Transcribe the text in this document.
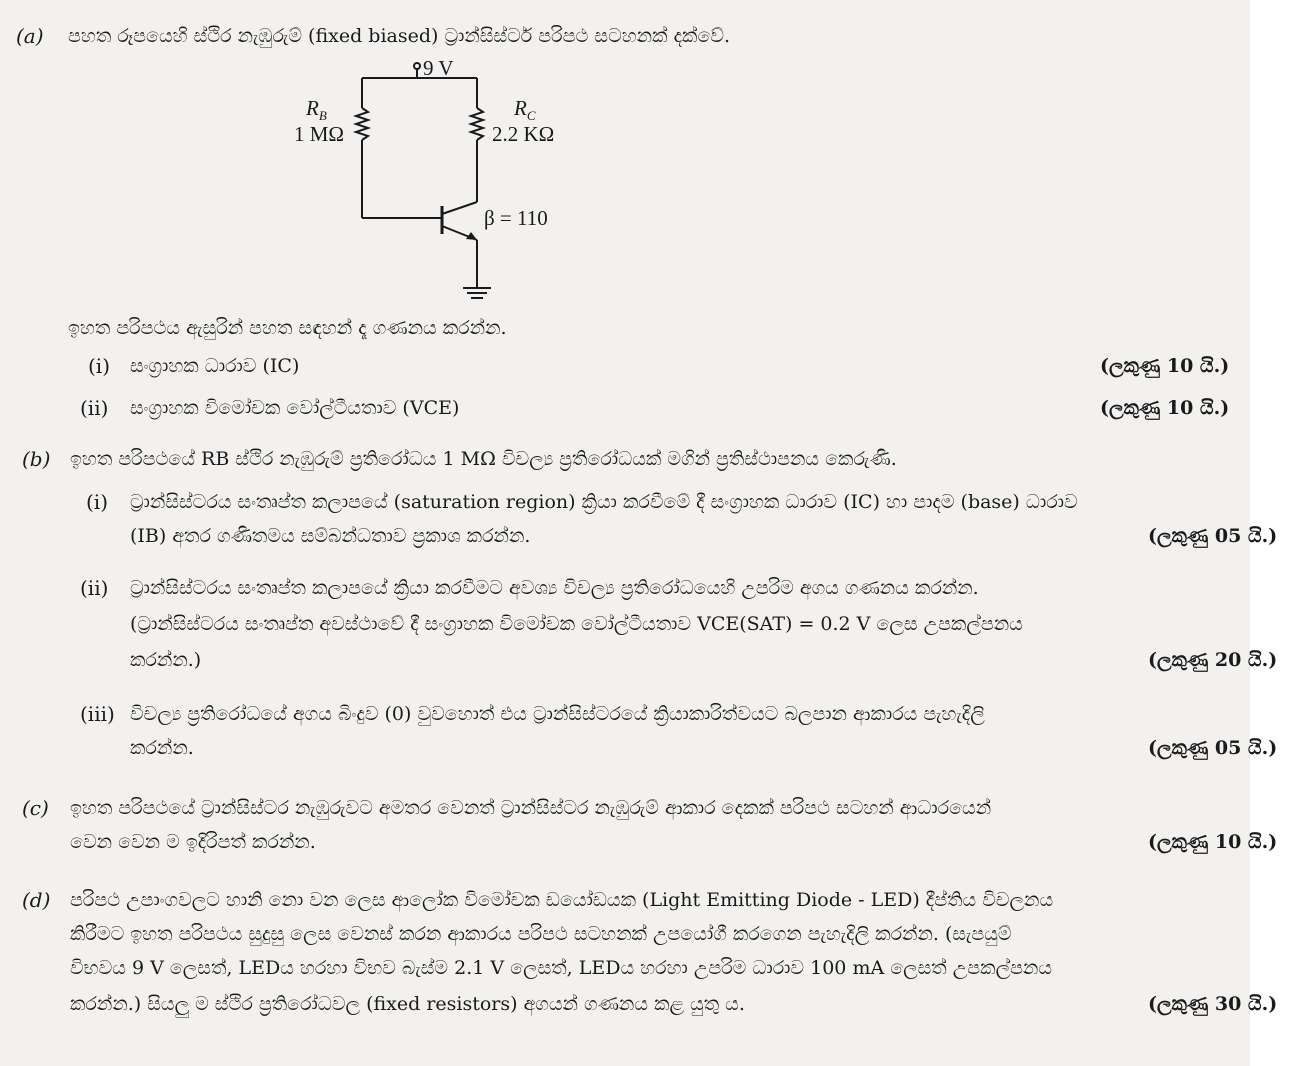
(a) පහත රූපයෙහි ස්ථිර නැඹුරුම් (fixed biased) ට්‍රාන්සිස්ටර් පරිපථ සටහනක් දක්වේ.
9 V
$R_B$
1 MΩ
$R_C$
2.2 KΩ
β = 110
ඉහත පරිපථය ඇසුරින් පහත සඳහන් දෑ ගණනය කරන්න.
(i) සංග්‍රාහක ධාරාව (IC)	(ලකුණු 10 යි.)
(ii) සංග්‍රාහක විමෝචක වෝල්ටීයතාව (VCE)	(ලකුණු 10 යි.)
(b) ඉහත පරිපථයේ RB ස්ථිර නැඹුරුම් ප්‍රතිරෝධය 1 MΩ විචල්‍ය ප්‍රතිරෝධයක් මගින් ප්‍රතිස්ථාපනය කෙරුණි.
(i) ට්‍රාන්සිස්ටරය සංතෘප්ත කලාපයේ (saturation region) ක්‍රියා කරවීමේ දී සංග්‍රාහක ධාරාව (IC) හා පාදම (base) ධාරාව
(IB) අතර ගණිතමය සම්බන්ධතාව ප්‍රකාශ කරන්න.	(ලකුණු 05 යි.)
(ii) ට්‍රාන්සිස්ටරය සංතෘප්ත කලාපයේ ක්‍රියා කරවීමට අවශ්‍ය විචල්‍ය ප්‍රතිරෝධයෙහි උපරිම අගය ගණනය කරන්න.
(ට්‍රාන්සිස්ටරය සංතෘප්ත අවස්ථාවේ දී සංග්‍රාහක විමෝචක වෝල්ටීයතාව VCE(SAT) = 0.2 V ලෙස උපකල්පනය
කරන්න.)	(ලකුණු 20 යි.)
(iii) විචල්‍ය ප්‍රතිරෝධයේ අගය බිංදුව (0) වුවහොත් එය ට්‍රාන්සිස්ටරයේ ක්‍රියාකාරිත්වයට බලපාන ආකාරය පැහැදිලි
කරන්න.	(ලකුණු 05 යි.)
(c) ඉහත පරිපථයේ ට්‍රාන්සිස්ටර නැඹුරුවට අමතර වෙනත් ට්‍රාන්සිස්ටර නැඹුරුම් ආකාර දෙකක් පරිපථ සටහන් ආධාරයෙන්
වෙන වෙන ම ඉදිරිපත් කරන්න.	(ලකුණු 10 යි.)
(d) පරිපථ උපාංගවලට හානි නො වන ලෙස ආලෝක විමෝචක ඩයෝඩයක (Light Emitting Diode - LED) දීප්තිය විචලනය
කිරීමට ඉහත පරිපථය සුදුසු ලෙස වෙනස් කරන ආකාරය පරිපථ සටහනක් උපයෝගී කරගෙන පැහැදිලි කරන්න. (සැපයුම්
විභවය 9 V ලෙසත්, LEDය හරහා විභව බැස්ම 2.1 V ලෙසත්, LEDය හරහා උපරිම ධාරාව 100 mA ලෙසත් උපකල්පනය
කරන්න.) සියලු ම ස්ථිර ප්‍රතිරෝධවල (fixed resistors) අගයන් ගණනය කළ යුතු ය.	(ලකුණු 30 යි.)
